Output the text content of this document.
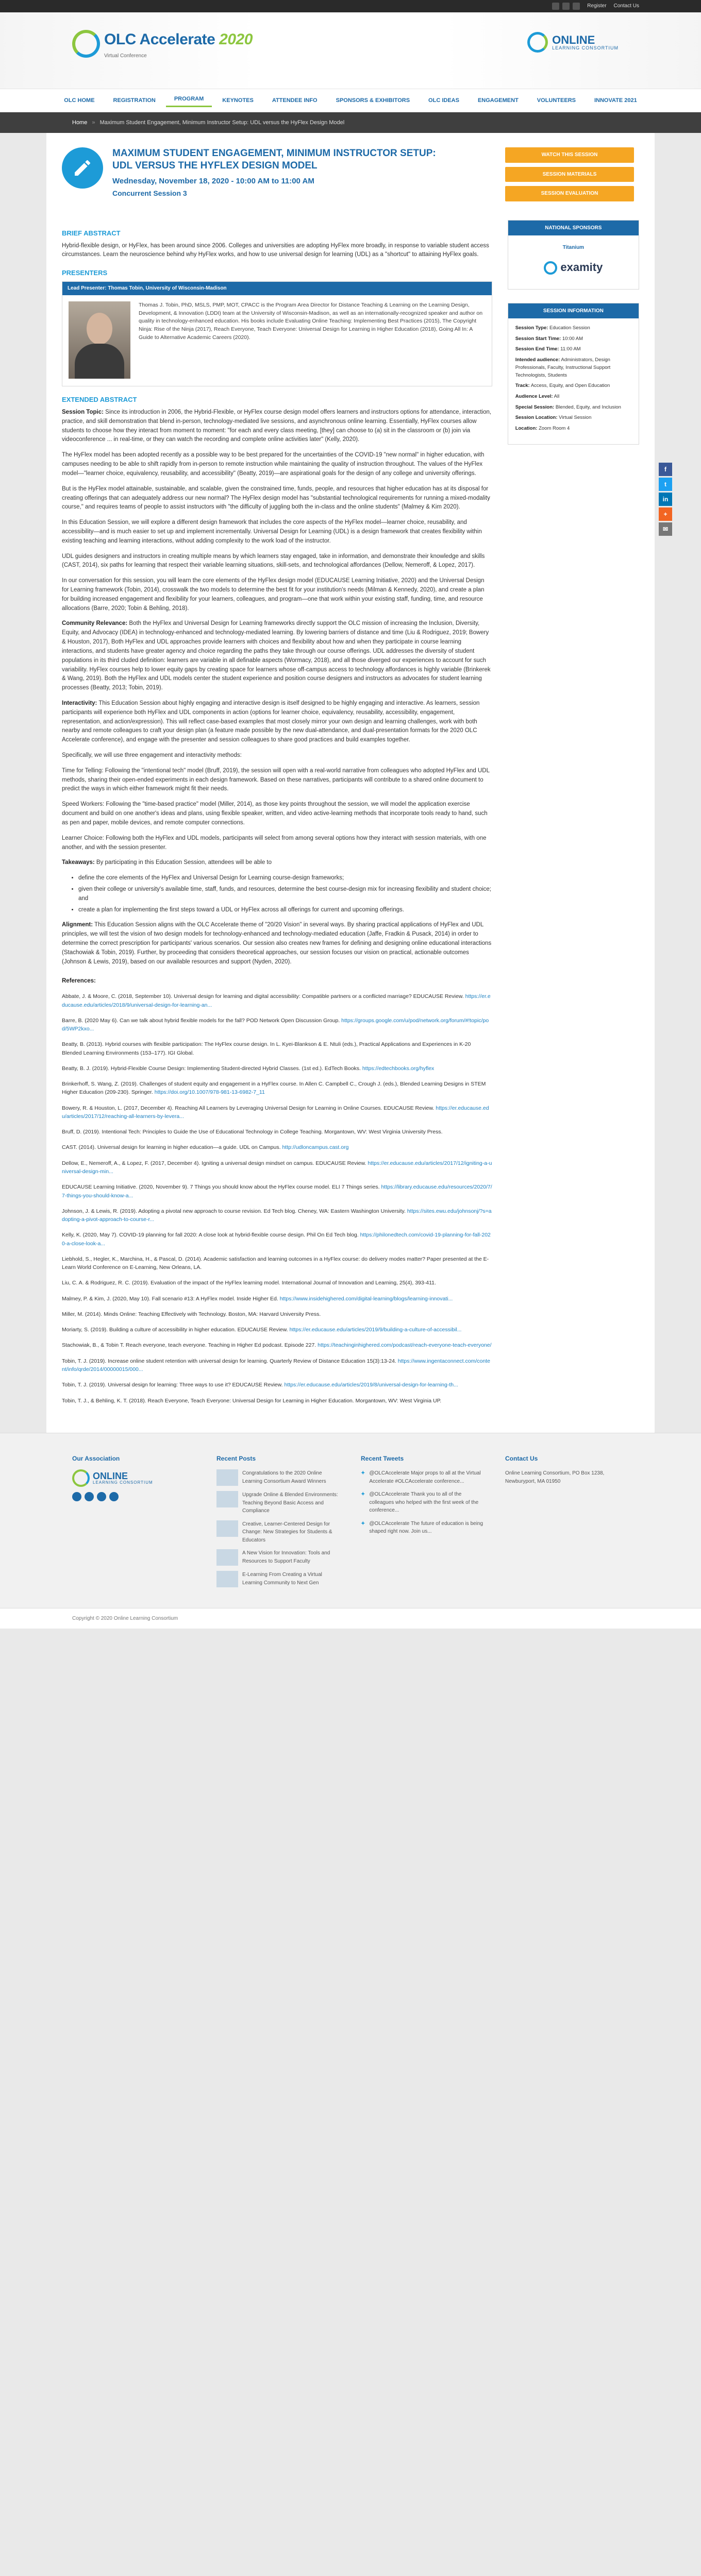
Register Contact Us
OLC Accelerate 2020
Virtual Conference
ONLINE
LEARNING CONSORTIUM
OLC HOME	REGISTRATION	PROGRAM	KEYNOTES	ATTENDEE INFO	SPONSORS & EXHIBITORS	OLC IDEAS	ENGAGEMENT	VOLUNTEERS	INNOVATE 2021
Home » Maximum Student Engagement, Minimum Instructor Setup: UDL versus the HyFlex Design Model
f
t
in
+
✉
MAXIMUM STUDENT ENGAGEMENT, MINIMUM INSTRUCTOR SETUP: UDL VERSUS THE HYFLEX DESIGN MODEL
Wednesday, November 18, 2020 - 10:00 AM to 11:00 AM
Concurrent Session 3
WATCH THIS SESSION
SESSION MATERIALS
SESSION EVALUATION
BRIEF ABSTRACT

Hybrid-flexible design, or HyFlex, has been around since 2006. Colleges and universities are adopting HyFlex more broadly, in response to variable student access circumstances. Learn the neuroscience behind why HyFlex works, and how to use universal design for learning (UDL) as a "shortcut" to attaining HyFlex goals.

PRESENTERS
Lead Presenter: Thomas Tobin, University of Wisconsin-Madison
Thomas J. Tobin, PhD, MSLS, PMP, MOT, CPACC is the Program Area Director for Distance Teaching & Learning on the Learning Design, Development, & Innovation (LDDI) team at the University of Wisconsin-Madison, as well as an internationally-recognized speaker and author on quality in technology-enhanced education. His books include Evaluating Online Teaching: Implementing Best Practices (2015), The Copyright Ninja: Rise of the Ninja (2017), Reach Everyone, Teach Everyone: Universal Design for Learning in Higher Education (2018), Going All In: A Guide to Alternative Academic Careers (2020).
EXTENDED ABSTRACT

Session Topic: Since its introduction in 2006, the Hybrid-Flexible, or HyFlex course design model offers learners and instructors options for attendance, interaction, practice, and skill demonstration that blend in-person, technology-mediated live sessions, and asynchronous online learning. Essentially, HyFlex courses allow students to choose how they interact from moment to moment: "for each and every class meeting, [they] can choose to (a) sit in the classroom or (b) join via videoconference ... in real-time, or they can watch the recording and complete online activities later" (Kelly, 2020).

The HyFlex model has been adopted recently as a possible way to be best prepared for the uncertainties of the COVID-19 "new normal" in higher education, with campuses needing to be able to shift rapidly from in-person to remote instruction while maintaining the quality of instruction throughout. The values of the HyFlex model—"learner choice, equivalency, reusability, and accessibility" (Beatty, 2019)—are aspirational goals for the design of any college and university offerings.

But is the HyFlex model attainable, sustainable, and scalable, given the constrained time, funds, people, and resources that higher education has at its disposal for creating offerings that can adequately address our new normal? The HyFlex design model has "substantial technological requirements for running a mixed-modality course," and requires teams of people to assist instructors with "the difficulty of juggling both the in-class and the online students" (Malmey & Kim 2020).

In this Education Session, we will explore a different design framework that includes the core aspects of the HyFlex model—learner choice, reusability, and accessibility—and is much easier to set up and implement incrementally. Universal Design for Learning (UDL) is a design framework that creates flexibility within existing teaching and learning interactions, without adding complexity to the work load of the instructor.

UDL guides designers and instructors in creating multiple means by which learners stay engaged, take in information, and demonstrate their knowledge and skills (CAST, 2014), six paths for learning that respect their variable learning situations, skill-sets, and technological affordances (Dellow, Nemeroff, & Lopez, 2017).

In our conversation for this session, you will learn the core elements of the HyFlex design model (EDUCAUSE Learning Initiative, 2020) and the Universal Design for Learning framework (Tobin, 2014), crosswalk the two models to determine the best fit for your institution's needs (Milman & Kennedy, 2020), and create a plan for building increased engagement and flexibility for your learners, colleagues, and program—one that work within your existing staff, funding, time, and resource allocations (Barre, 2020; Tobin & Behling, 2018).

Community Relevance: Both the HyFlex and Universal Design for Learning frameworks directly support the OLC mission of increasing the Inclusion, Diversity, Equity, and Advocacy (IDEA) in technology-enhanced and technology-mediated learning. By lowering barriers of distance and time (Liu & Rodriguez, 2019; Bowery & Houston, 2017), Both HyFlex and UDL approaches provide learners with choices and flexibility about how and when they participate in course learning interactions, and students have greater agency and choice regarding the paths they take through our course offerings. UDL addresses the diversity of student populations in its third cluded definition: learners are variable in all definable aspects (Wormacy, 2018), and all those diverged our experiences to account for such variability. HyFlex courses help to lower equity gaps by creating space for learners whose off-campus access to technology affordances is highly variable (Brinkerek & Wang, 2019). Both the HyFlex and UDL models center the student experience and position course designers and instructors as advocates for student learning processes (Beatty, 2013; Tobin, 2019).

Interactivity: This Education Session about highly engaging and interactive design is itself designed to be highly engaging and interactive. As learners, session participants will experience both HyFlex and UDL components in action (options for learner choice, equivalency, reusability, accessibility, engagement, representation, and action/expression). This will reflect case-based examples that most closely mirror your own design and learning challenges, work with both nearby and remote colleagues to craft your design plan (a feature made possible by the new dual-attendance, and dual-presentation formats for the 2020 OLC Accelerate conference), and engage with the presenter and session colleagues to share good practices and build examples together.

Specifically, we will use three engagement and interactivity methods:

Time for Telling: Following the "intentional tech" model (Bruff, 2019), the session will open with a real-world narrative from colleagues who adopted HyFlex and UDL methods, sharing their open-ended experiments in each design framework. Based on these narratives, participants will contribute to a shared online document to predict the ways in which either framework might fit their needs.

Speed Workers: Following the "time-based practice" model (Miller, 2014), as those key points throughout the session, we will model the application exercise document and build on one another's ideas and plans, using flexible speaker, written, and video active-learning methods that incorporate tools ready to hand, such as pen and paper, mobile devices, and remote computer connections.

Learner Choice: Following both the HyFlex and UDL models, participants will select from among several options how they interact with session materials, with one another, and with the session presenter.

Takeaways: By participating in this Education Session, attendees will be able to

• define the core elements of the HyFlex and Universal Design for Learning course-design frameworks;
• given their college or university's available time, staff, funds, and resources, determine the best course-design mix for increasing flexibility and student choice; and
• create a plan for implementing the first steps toward a UDL or HyFlex across all offerings for current and upcoming offerings.

Alignment: This Education Session aligns with the OLC Accelerate theme of "20/20 Vision" in several ways. By sharing practical applications of HyFlex and UDL principles, we will test the vision of two design models for technology-enhanced and technology-mediated education (Jaffe, Fradkin & Pusack, 2014) in order to determine the correct prescription for participants' various scenarios. Our session also creates new frames for defining and designing online educational interactions (Stachowiak & Tobin, 2019). Further, by proceeding that considers theoretical approaches, our session focuses our vision on practical, actionable outcomes (Johnson & Lewis, 2019), based on our available resources and support (Nyden, 2020).

References:

Abbate, J. & Moore, C. (2018, September 10). Universal design for learning and digital accessibility: Compatible partners or a conflicted marriage? EDUCAUSE Review. https://er.educause.edu/articles/2018/9/universal-design-for-learning-an...

Barre, B. (2020 May 6). Can we talk about hybrid flexible models for the fall? POD Network Open Discussion Group. https://groups.google.com/u/pod/network.org/forum/#!topic/pod/5WP2kxo...

Beatty, B. (2013). Hybrid courses with flexible participation: The HyFlex course design. In L. Kyei-Blankson & E. Ntuli (eds.), Practical Applications and Experiences in K-20 Blended Learning Environments (153–177). IGI Global.

Beatty, B. J. (2019). Hybrid-Flexible Course Design: Implementing Student-directed Hybrid Classes. (1st ed.). EdTech Books. https://edtechbooks.org/hyflex

Brinkerhoff, S. Wang, Z. (2019). Challenges of student equity and engagement in a HyFlex course. In Allen C. Campbell C., Crough J. (eds.), Blended Learning Designs in STEM Higher Education (209-230). Springer. https://doi.org/10.1007/978-981-13-6982-7_11

Bowery, R. & Houston, L. (2017, December 4). Reaching All Learners by Leveraging Universal Design for Learning in Online Courses. EDUCAUSE Review. https://er.educause.edu/articles/2017/12/reaching-all-learners-by-levera...

Bruff, D. (2019). Intentional Tech: Principles to Guide the Use of Educational Technology in College Teaching. Morgantown, WV: West Virginia University Press.

CAST. (2014). Universal design for learning in higher education—a guide. UDL on Campus. http://udloncampus.cast.org

Dellow, E., Nemeroff, A., & Lopez, F. (2017, December 4). Igniting a universal design mindset on campus. EDUCAUSE Review. https://er.educause.edu/articles/2017/12/igniting-a-universal-design-min...

EDUCAUSE Learning Initiative. (2020, November 9). 7 Things you should know about the HyFlex course model. ELI 7 Things series. https://library.educause.edu/resources/2020/7/7-things-you-should-know-a...

Johnson, J. & Lewis, R. (2019). Adopting a pivotal new approach to course revision. Ed Tech blog. Cheney, WA: Eastern Washington University. https://sites.ewu.edu/johnsonj/?s=adopting-a-pivot-approach-to-course-r...

Kelly, K. (2020, May 7). COVID-19 planning for fall 2020: A close look at hybrid-flexible course design. Phil On Ed Tech blog. https://philonedtech.com/covid-19-planning-for-fall-2020-a-close-look-a...

Liebhold, S., Hegler, K., Marchina, H., & Pascal, D. (2014). Academic satisfaction and learning outcomes in a HyFlex course: do delivery modes matter? Paper presented at the E-Learn World Conference on E-Learning, New Orleans, LA.

Liu, C. A. & Rodriguez, R. C. (2019). Evaluation of the impact of the HyFlex learning model. International Journal of Innovation and Learning, 25(4), 393-411.

Malmey, P. & Kim, J. (2020, May 10). Fall scenario #13: A HyFlex model. Inside Higher Ed. https://www.insidehighered.com/digital-learning/blogs/learning-innovati...

Miller, M. (2014). Minds Online: Teaching Effectively with Technology. Boston, MA: Harvard University Press.

Moriarty, S. (2019). Building a culture of accessibility in higher education. EDUCAUSE Review. https://er.educause.edu/articles/2019/9/building-a-culture-of-accessibil...

Stachowiak, B., & Tobin T. Reach everyone, teach everyone. Teaching in Higher Ed podcast. Episode 227. https://teachinginhighered.com/podcast/reach-everyone-teach-everyone/

Tobin, T. J. (2019). Increase online student retention with universal design for learning. Quarterly Review of Distance Education 15(3):13-24. https://www.ingentaconnect.com/content/info/qrde/2014/00000015/000...

Tobin, T. J. (2019). Universal design for learning: Three ways to use it? EDUCAUSE Review. https://er.educause.edu/articles/2019/8/universal-design-for-learning-th...

Tobin, T. J., & Behling, K. T. (2018). Reach Everyone, Teach Everyone: Universal Design for Learning in Higher Education. Morgantown, WV: West Virginia UP.

NATIONAL SPONSORS
Titanium
examity
SESSION INFORMATION
Session Type: Education Session
Session Start Time: 10:00 AM
Session End Time: 11:00 AM
Intended audience: Administrators, Design Professionals, Faculty, Instructional Support Technologists, Students
Track: Access, Equity, and Open Education
Audience Level: All
Special Session: Blended, Equity, and Inclusion
Session Location: Virtual Session
Location: Zoom Room 4
Our Association
ONLINE
LEARNING CONSORTIUM
Recent Posts
Congratulations to the 2020 Online Learning Consortium Award Winners
Upgrade Online & Blended Environments: Teaching Beyond Basic Access and Compliance
Creative, Learner-Centered Design for Change: New Strategies for Students & Educators
A New Vision for Innovation: Tools and Resources to Support Faculty
E-Learning From Creating a Virtual Learning Community to Next Gen
Recent Tweets
✦ @OLCAccelerate Major props to all at the Virtual Accelerate #OLCAccelerate conference...
✦ @OLCAccelerate Thank you to all of the colleagues who helped with the first week of the conference...
✦ @OLCAccelerate The future of education is being shaped right now. Join us...
Contact Us
Online Learning Consortium, PO Box 1238, Newburyport, MA 01950
Copyright © 2020 Online Learning Consortium
